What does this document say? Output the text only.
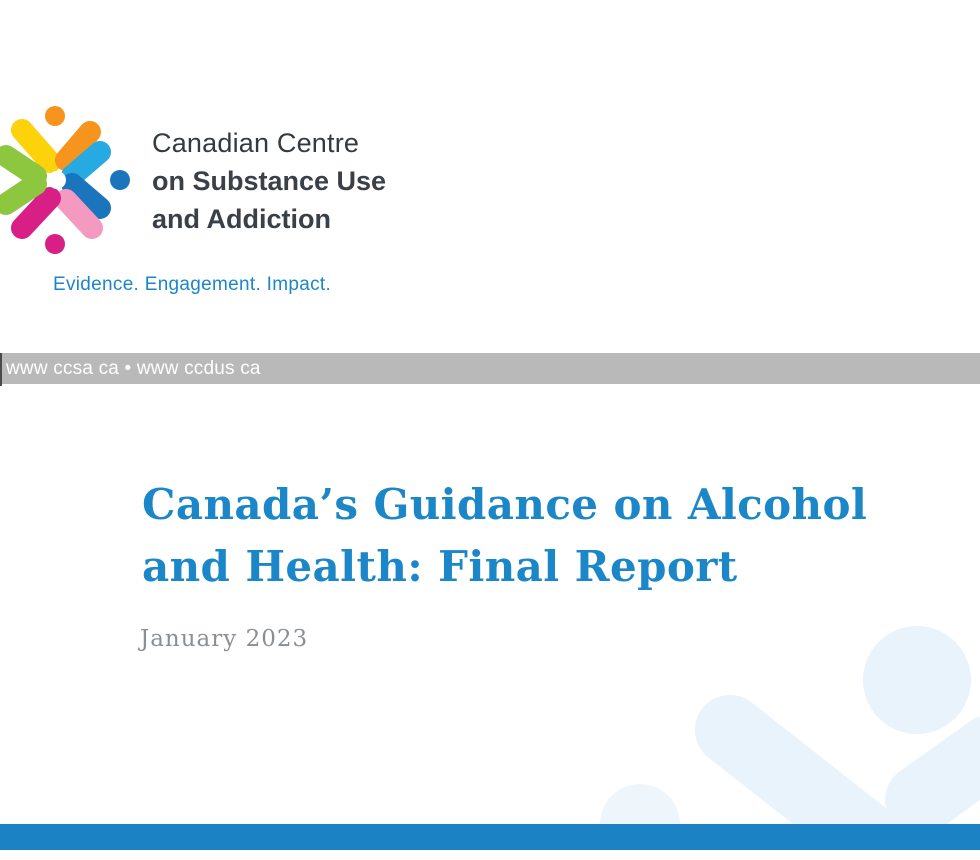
Canadian Centre
on Substance Use
and Addiction
Evidence. Engagement. Impact.
www ccsa ca • www ccdus ca
Canada’s Guidance on Alcohol
and Health: Final Report
January 2023
